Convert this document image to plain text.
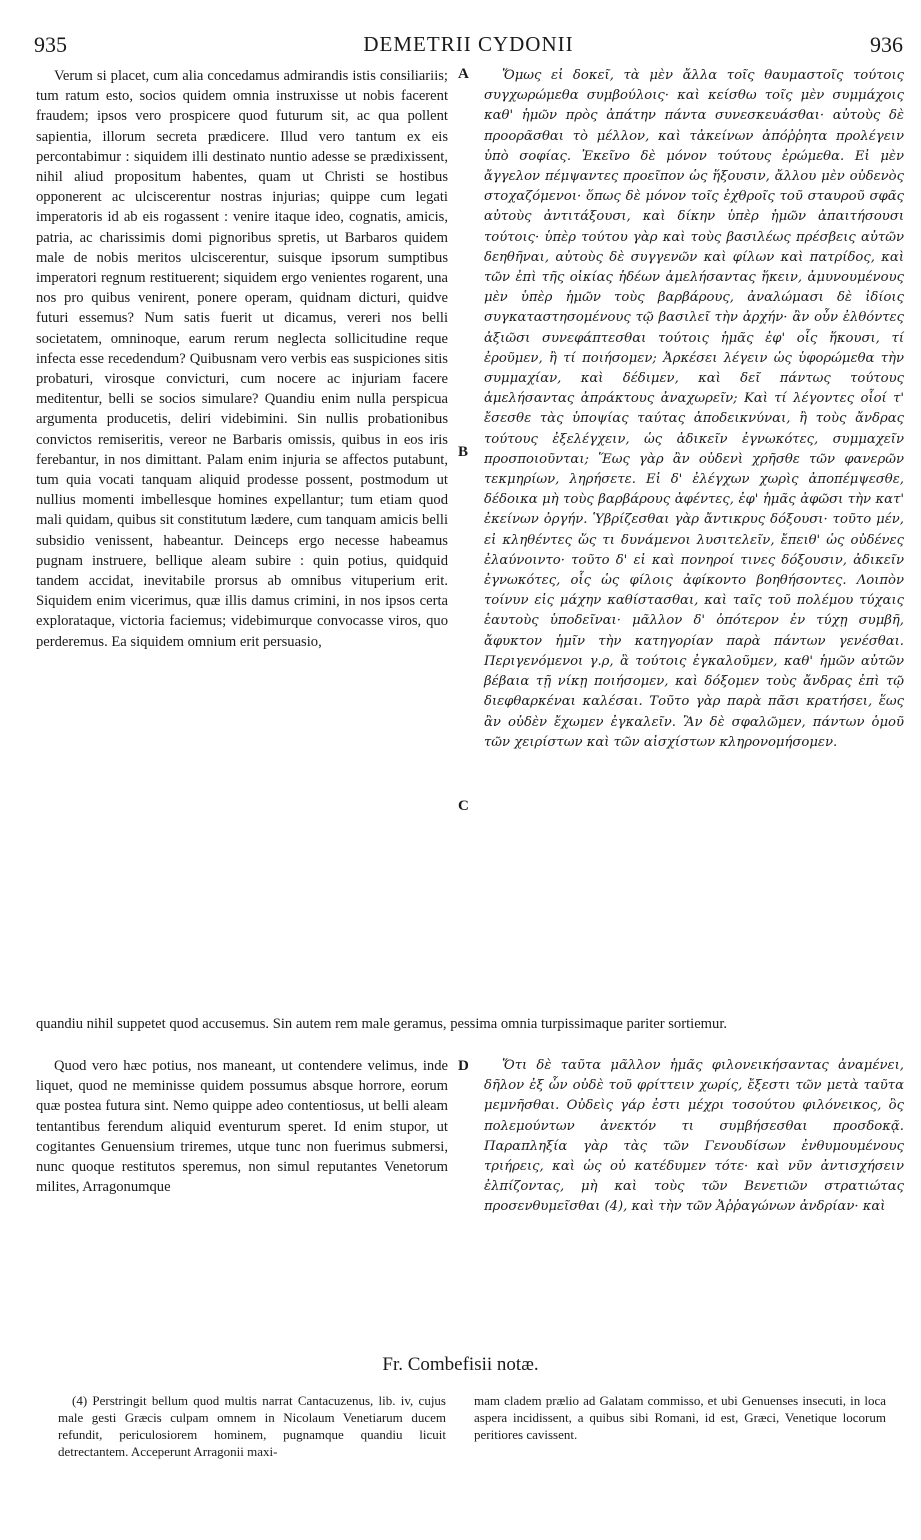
935	DEMETRII CYDONII	936

Verum si placet, cum alia concedamus admirandis istis consiliariis; tum ratum esto, socios quidem omnia instruxisse ut nobis facerent fraudem; ipsos vero prospicere quod futurum sit, ac qua pollent sapientia, illorum secreta prædicere. Illud vero tantum ex eis percontabimur : siquidem illi destinato nuntio adesse se prædixissent, nihil aliud propositum habentes, quam ut Christi se hostibus opponerent ac ulciscerentur nostras injurias; quippe cum legati imperatoris id ab eis rogassent : venire itaque ideo, cognatis, amicis, patria, ac charissimis domi pignoribus spretis, ut Barbaros quidem male de nobis meritos ulciscerentur, suisque ipsorum sumptibus imperatori regnum restituerent; siquidem ergo venientes rogarent, una nos pro quibus venirent, ponere operam, quidnam dicturi, quidve futuri essemus? Num satis fuerit ut dicamus, vereri nos belli societatem, omninoque, earum rerum neglecta sollicitudine reque infecta esse recedendum? Quibusnam vero verbis eas suspiciones sitis probaturi, virosque convicturi, cum nocere ac injuriam facere meditentur, belli se socios simulare? Quandiu enim nulla perspicua argumenta producetis, deliri videbimini. Sin nullis probationibus convictos remiseritis, vereor ne Barbaris omissis, quibus in eos iris ferebantur, in nos dimittant. Palam enim injuria se affectos putabunt, tum quia vocati tanquam aliquid prodesse possent, postmodum ut nullius momenti imbellesque homines expellantur; tum etiam quod mali quidam, quibus sit constitutum lædere, cum tanquam amicis belli subsidio venissent, habeantur. Deinceps ergo necesse habeamus pugnam instruere, bellique aleam subire : quin potius, quidquid tandem accidat, inevitabile prorsus ab omnibus vituperium erit. Siquidem enim vicerimus, quæ illis damus crimini, in nos ipsos certa explorataque, victoria faciemus; videbimurque convocasse viros, quo perderemus. Ea siquidem omnium erit persuasio,

Ὅμως εἰ δοκεῖ, τὰ μὲν ἄλλα τοῖς θαυμαστοῖς τούτοις συγχωρώμεθα συμβούλοις· καὶ κείσθω τοῖς μὲν συμμάχοις καθ' ἡμῶν πρὸς ἀπάτην πάντα συνεσκευάσθαι· αὐτοὺς δὲ προορᾶσθαι τὸ μέλλον, καὶ τἀκείνων ἀπόῤῥητα προλέγειν ὑπὸ σοφίας. Ἐκεῖνο δὲ μόνον τούτους ἐρώμεθα. Εἰ μὲν ἄγγελον πέμψαντες προεῖπον ὡς ἥξουσιν, ἄλλου μὲν οὐδενὸς στοχαζόμενοι· ὅπως δὲ μόνον τοῖς ἐχθροῖς τοῦ σταυροῦ σφᾶς αὐτοὺς ἀντιτάξουσι, καὶ δίκην ὑπὲρ ἡμῶν ἀπαιτήσουσι τούτοις· ὑπὲρ τούτου γὰρ καὶ τοὺς βασιλέως πρέσβεις αὐτῶν δεηθῆναι, αὐτοὺς δὲ συγγενῶν καὶ φίλων καὶ πατρίδος, καὶ τῶν ἐπὶ τῆς οἰκίας ἡδέων ἀμελήσαντας ἥκειν, ἀμυνουμένους μὲν ὑπὲρ ἡμῶν τοὺς βαρβάρους, ἀναλώμασι δὲ ἰδίοις συγκαταστησομένους τῷ βασιλεῖ τὴν ἀρχήν· ἂν οὖν ἐλθόντες ἀξιῶσι συνεφάπτεσθαι τούτοις ἡμᾶς ἐφ' οἷς ἥκουσι, τί ἐροῦμεν, ἢ τί ποιήσομεν; Ἀρκέσει λέγειν ὡς ὑφορώμεθα τὴν συμμαχίαν, καὶ δέδιμεν, καὶ δεῖ πάντως τούτους ἀμελήσαντας ἀπράκτους ἀναχωρεῖν; Καὶ τί λέγοντες οἷοί τ' ἔσεσθε τὰς ὑποψίας ταύτας ἀποδεικνύναι, ἢ τοὺς ἄνδρας τούτους ἐξελέγχειν, ὡς ἀδικεῖν ἐγνωκότες, συμμαχεῖν προσποιοῦνται; Ἕως γὰρ ἂν οὐδενὶ χρῆσθε τῶν φανερῶν τεκμηρίων, ληρήσετε. Εἰ δ' ἐλέγχων χωρὶς ἀποπέμψεσθε, δέδοικα μὴ τοὺς βαρβάρους ἀφέντες, ἐφ' ἡμᾶς ἀφῶσι τὴν κατ' ἐκείνων ὀργήν. Ὑβρίζεσθαι γὰρ ἄντικρυς δόξουσι· τοῦτο μέν, εἰ κληθέντες ὥς τι δυνάμενοι λυσιτελεῖν, ἔπειθ' ὡς οὐδένες ἐλαύνοιντο· τοῦτο δ' εἰ καὶ πονηροί τινες δόξουσιν, ἀδικεῖν ἐγνωκότες, οἷς ὡς φίλοις ἀφίκοντο βοηθήσοντες. Λοιπὸν τοίνυν εἰς μάχην καθίστασθαι, καὶ ταῖς τοῦ πολέμου τύχαις ἑαυτοὺς ὑποδεῖναι· μᾶλλον δ' ὁπότερον ἐν τύχῃ συμβῆ, ἄφυκτον ἡμῖν τὴν κατηγορίαν παρὰ πάντων γενέσθαι. Περιγενόμενοι γ.ρ, ἃ τούτοις ἐγκαλοῦμεν, καθ' ἡμῶν αὐτῶν βέβαια τῇ νίκῃ ποιήσομεν, καὶ δόξομεν τοὺς ἄνδρας ἐπὶ τῷ διεφθαρκέναι καλέσαι. Τοῦτο γὰρ παρὰ πᾶσι κρατήσει, ἕως ἂν οὐδὲν ἔχωμεν ἐγκαλεῖν. Ἂν δὲ σφαλῶμεν, πάντων ὁμοῦ τῶν χειρίστων καὶ τῶν αἰσχίστων κληρονομήσομεν.

A
B
C
D
quandiu nihil suppetet quod accusemus. Sin autem rem male geramus, pessima omnia turpissimaque pariter sortiemur.

Quod vero hæc potius, nos maneant, ut contendere velimus, inde liquet, quod ne meminisse quidem possumus absque horrore, eorum quæ postea futura sint. Nemo quippe adeo contentiosus, ut belli aleam tentantibus ferendum aliquid eventurum speret. Id enim stupor, ut cogitantes Genuensium triremes, utque tunc non fuerimus submersi, nunc quoque restitutos speremus, non simul reputantes Venetorum milites, Arragonumque

Ὅτι δὲ ταῦτα μᾶλλον ἡμᾶς φιλονεικήσαντας ἀναμένει, δῆλον ἐξ ὧν οὐδὲ τοῦ φρίττειν χωρίς, ἔξεστι τῶν μετὰ ταῦτα μεμνῆσθαι. Οὐδεὶς γάρ ἐστι μέχρι τοσούτου φιλόνεικος, ὃς πολεμούντων ἀνεκτόν τι συμβήσεσθαι προσδοκᾷ. Παραπληξία γὰρ τὰς τῶν Γενουδίσων ἐνθυμουμένους τριήρεις, καὶ ὡς οὐ κατέδυμεν τότε· καὶ νῦν ἀντισχήσειν ἐλπίζοντας, μὴ καὶ τοὺς τῶν Βενετιῶν στρατιώτας προσενθυμεῖσθαι (4), καὶ τὴν τῶν Ἀῤῥαγώνων ἀνδρίαν· καὶ

Fr. Combefisii notæ.

(4) Perstringit bellum quod multis narrat Cantacuzenus, lib. iv, cujus male gesti Græcis culpam omnem in Nicolaum Venetiarum ducem refundit, periculosiorem hominem, pugnamque quandiu licuit detrectantem. Acceperunt Arragonii maxi-

mam cladem prælio ad Galatam commisso, et ubi Genuenses insecuti, in loca aspera incidissent, a quibus sibi Romani, id est, Græci, Venetique locorum peritiores cavissent.
